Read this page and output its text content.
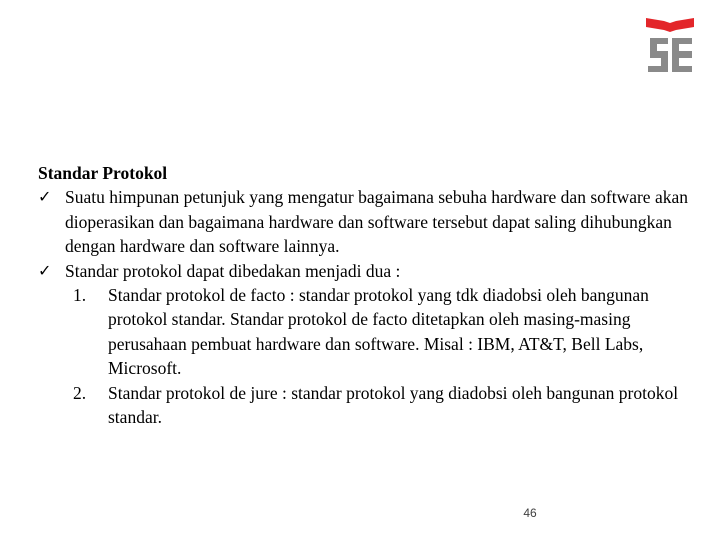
Standar Protokol

✓ Suatu himpunan petunjuk yang mengatur bagaimana sebuha hardware dan software akan dioperasikan dan bagaimana hardware dan software tersebut dapat saling dihubungkan dengan hardware dan software lainnya.

✓ Standar protokol dapat dibedakan menjadi dua :

1. Standar protokol de facto : standar protokol yang tdk diadobsi oleh bangunan protokol standar. Standar protokol de facto ditetapkan oleh masing-masing perusahaan pembuat hardware dan software. Misal : IBM, AT&T, Bell Labs, Microsoft.

2. Standar protokol de jure : standar protokol yang diadobsi oleh bangunan protokol standar.

46
